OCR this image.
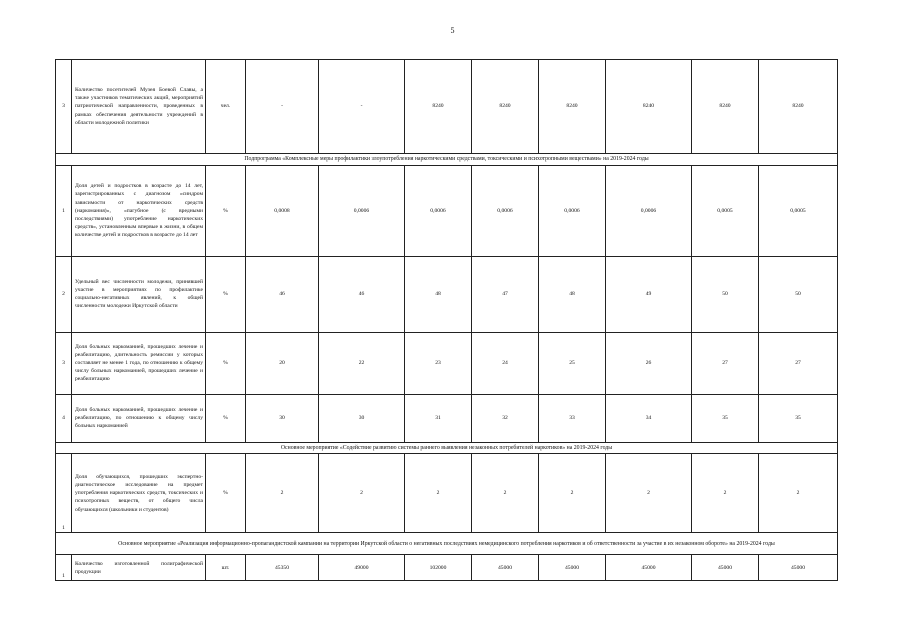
5
3	Количество посетителей Музея Боевой Славы, а также участников тематических акций, мероприятий патриотической направленности, проведенных в рамках обеспечения деятельности учреждений в области молодежной политики	чел.	-	-	8240	8240	8240	8240	8240	8240
Подпрограмма «Комплексные меры профилактики злоупотребления наркотическими средствами, токсическими и психотропными веществами» на 2019-2024 годы										
1	Доля детей и подростков в возрасте до 14 лет, зарегистрированных с диагнозом «синдром зависимости от наркотических средств (наркомания)», «пагубное (с вредными последствиями) употребление наркотических средств», установленным впервые в жизни, в общем количестве детей и подростков в возрасте до 14 лет	%	0,0008	0,0006	0,0006	0,0006	0,0006	0,0006	0,0005	0,0005
2	Удельный вес численности молодежи, принявшей участие в мероприятиях по профилактике социально-негативных явлений, к общей численности молодежи Иркутской области	%	46	46	48	47	48	49	50	50
3	Доля больных наркоманией, прошедших лечение и реабилитацию, длительность ремиссии у которых составляет не менее 1 года, по отношению к общему числу больных наркоманией, прошедших лечение и реабилитацию	%	20	22	23	24	25	26	27	27
4	Доля больных наркоманией, прошедших лечение и реабилитацию, по отношению к общему числу больных наркоманией	%	30	30	31	32	33	34	35	35
Основное мероприятие «Содействие развитию системы раннего выявления незаконных потребителей наркотиков» на 2019-2024 годы										
1	Доля обучающихся, прошедших экспертно-диагностическое исследование на предмет употребления наркотических средств, токсических и психотропных веществ, от общего числа обучающихся (школьники и студентов)	%	2	2	2	2	2	2	2	2
Основное мероприятие «Реализация информационно-пропагандистской кампании на территории Иркутской области о негативных последствиях немедицинского потребления наркотиков и об ответственности за участие в их незаконном обороте» на 2019-2024 годы										
1	Количество изготовленной полиграфической продукции	шт.	45350	49000	102000	45000	45000	45000	45000	45000
